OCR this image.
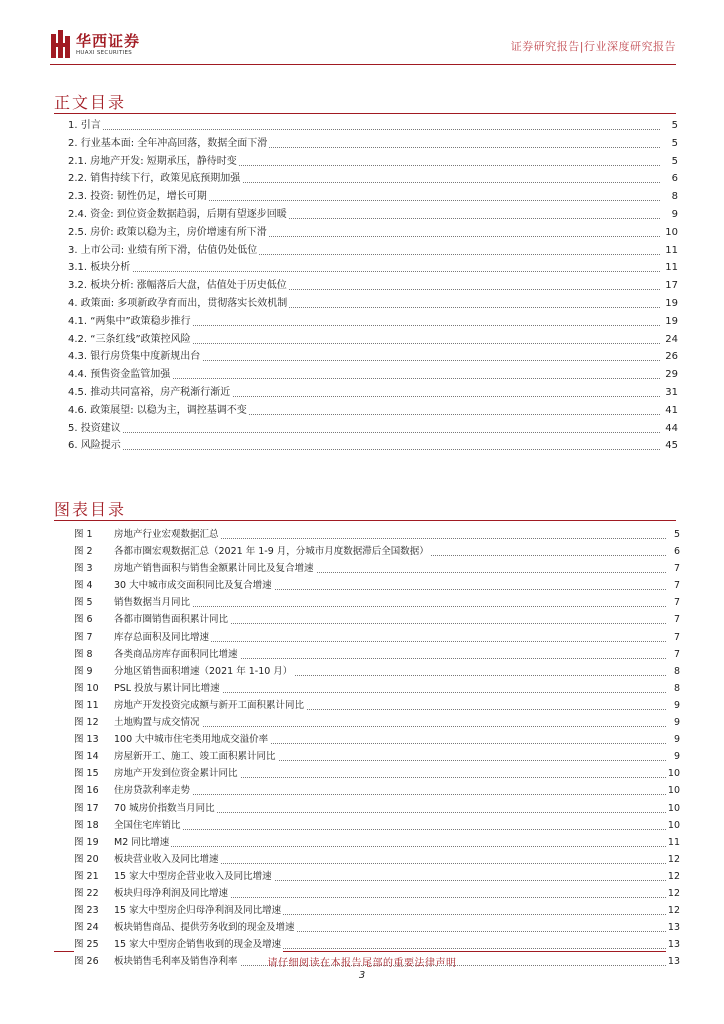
华西证券
HUAXI SECURITIES	证券研究报告|行业深度研究报告
正文目录
1. 引言	5
2. 行业基本面: 全年冲高回落，数据全面下滑	5
2.1. 房地产开发: 短期承压，静待时变	5
2.2. 销售持续下行，政策见底预期加强	6
2.3. 投资: 韧性仍足，增长可期	8
2.4. 资金: 到位资金数据趋弱，后期有望逐步回暖	9
2.5. 房价: 政策以稳为主，房价增速有所下滑	10
3. 上市公司: 业绩有所下滑，估值仍处低位	11
3.1. 板块分析	11
3.2. 板块分析: 涨幅落后大盘，估值处于历史低位	17
4. 政策面: 多项新政孕育而出，贯彻落实长效机制	19
4.1. “两集中”政策稳步推行	19
4.2. “三条红线”政策控风险	24
4.3. 银行房贷集中度新规出台	26
4.4. 预售资金监管加强	29
4.5. 推动共同富裕，房产税渐行渐近	31
4.6. 政策展望: 以稳为主，调控基调不变	41
5. 投资建议	44
6. 风险提示	45
图表目录
图 1 房地产行业宏观数据汇总	5
图 2 各都市圈宏观数据汇总（2021 年 1-9 月，分城市月度数据滞后全国数据）	6
图 3 房地产销售面积与销售金额累计同比及复合增速	7
图 4 30 大中城市成交面积同比及复合增速	7
图 5 销售数据当月同比	7
图 6 各都市圈销售面积累计同比	7
图 7 库存总面积及同比增速	7
图 8 各类商品房库存面积同比增速	7
图 9 分地区销售面积增速（2021 年 1-10 月）	8
图 10 PSL 投放与累计同比增速	8
图 11 房地产开发投资完成额与新开工面积累计同比	9
图 12 土地购置与成交情况	9
图 13 100 大中城市住宅类用地成交溢价率	9
图 14 房屋新开工、施工、竣工面积累计同比	9
图 15 房地产开发到位资金累计同比	10
图 16 住房贷款利率走势	10
图 17 70 城房价指数当月同比	10
图 18 全国住宅库销比	10
图 19 M2 同比增速	11
图 20 板块营业收入及同比增速	12
图 21 15 家大中型房企营业收入及同比增速	12
图 22 板块归母净利润及同比增速	12
图 23 15 家大中型房企归母净利润及同比增速	12
图 24 板块销售商品、提供劳务收到的现金及增速	13
图 25 15 家大中型房企销售收到的现金及增速	13
图 26 板块销售毛利率及销售净利率	13
请仔细阅读在本报告尾部的重要法律声明
3
